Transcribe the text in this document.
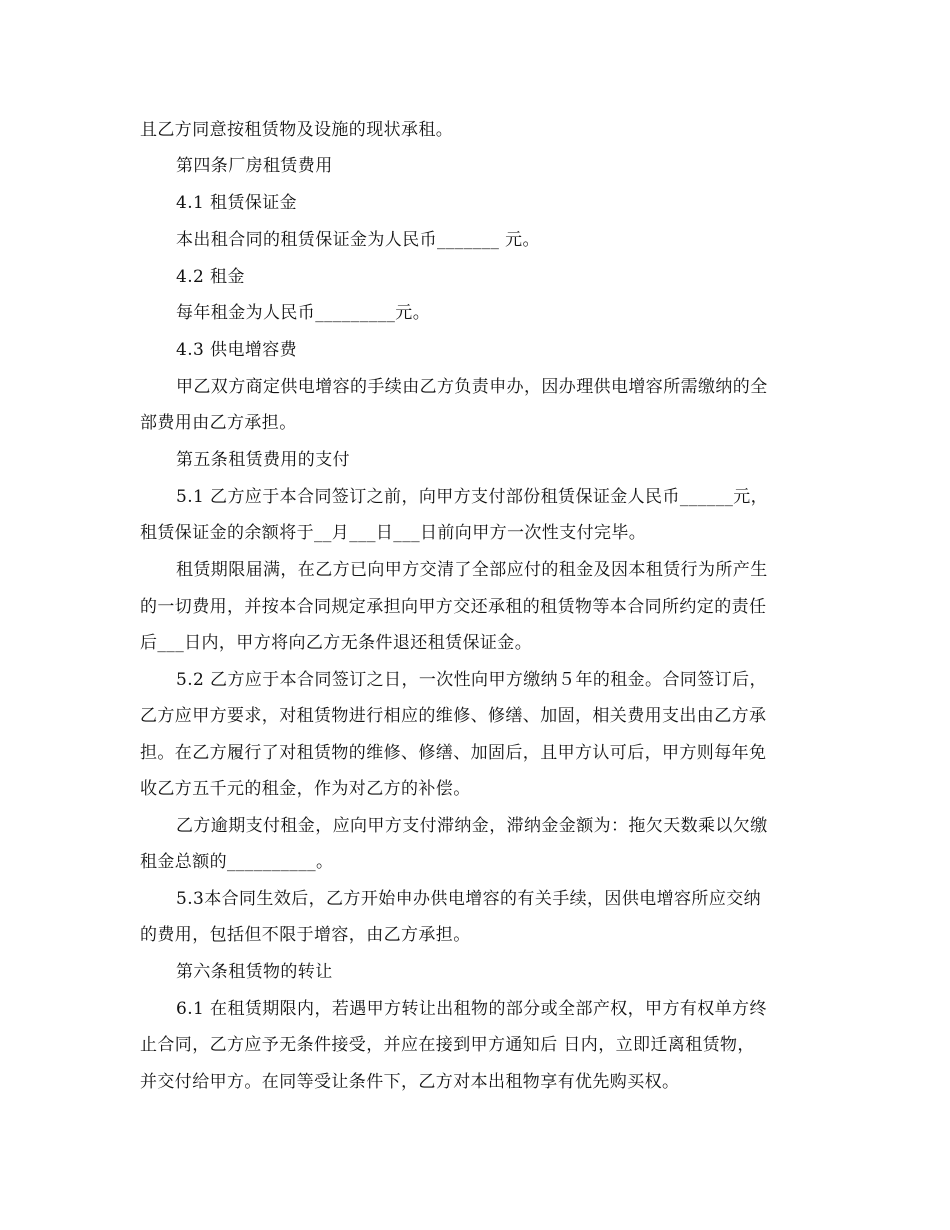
且乙方同意按租赁物及设施的现状承租。
第四条厂房租赁费用
4.1 租赁保证金
本出租合同的租赁保证金为人民币_______ 元。
4.2 租金
每年租金为人民币_________元。
4.3 供电增容费
甲乙双方商定供电增容的手续由乙方负责申办，因办理供电增容所需缴纳的全
部费用由乙方承担。
第五条租赁费用的支付
5.1 乙方应于本合同签订之前，向甲方支付部份租赁保证金人民币______元，
租赁保证金的余额将于__月___日___日前向甲方一次性支付完毕。
租赁期限届满，在乙方已向甲方交清了全部应付的租金及因本租赁行为所产生
的一切费用，并按本合同规定承担向甲方交还承租的租赁物等本合同所约定的责任
后___日内，甲方将向乙方无条件退还租赁保证金。
5.2 乙方应于本合同签订之日，一次性向甲方缴纳５年的租金。合同签订后，
乙方应甲方要求，对租赁物进行相应的维修、修缮、加固，相关费用支出由乙方承
担。在乙方履行了对租赁物的维修、修缮、加固后，且甲方认可后，甲方则每年免
收乙方五千元的租金，作为对乙方的补偿。
乙方逾期支付租金，应向甲方支付滞纳金，滞纳金金额为：拖欠天数乘以欠缴
租金总额的__________。
5.3本合同生效后，乙方开始申办供电增容的有关手续，因供电增容所应交纳
的费用，包括但不限于增容，由乙方承担。
第六条租赁物的转让
6.1 在租赁期限内，若遇甲方转让出租物的部分或全部产权，甲方有权单方终
止合同，乙方应予无条件接受，并应在接到甲方通知后 日内，立即迁离租赁物，
并交付给甲方。在同等受让条件下，乙方对本出租物享有优先购买权。
